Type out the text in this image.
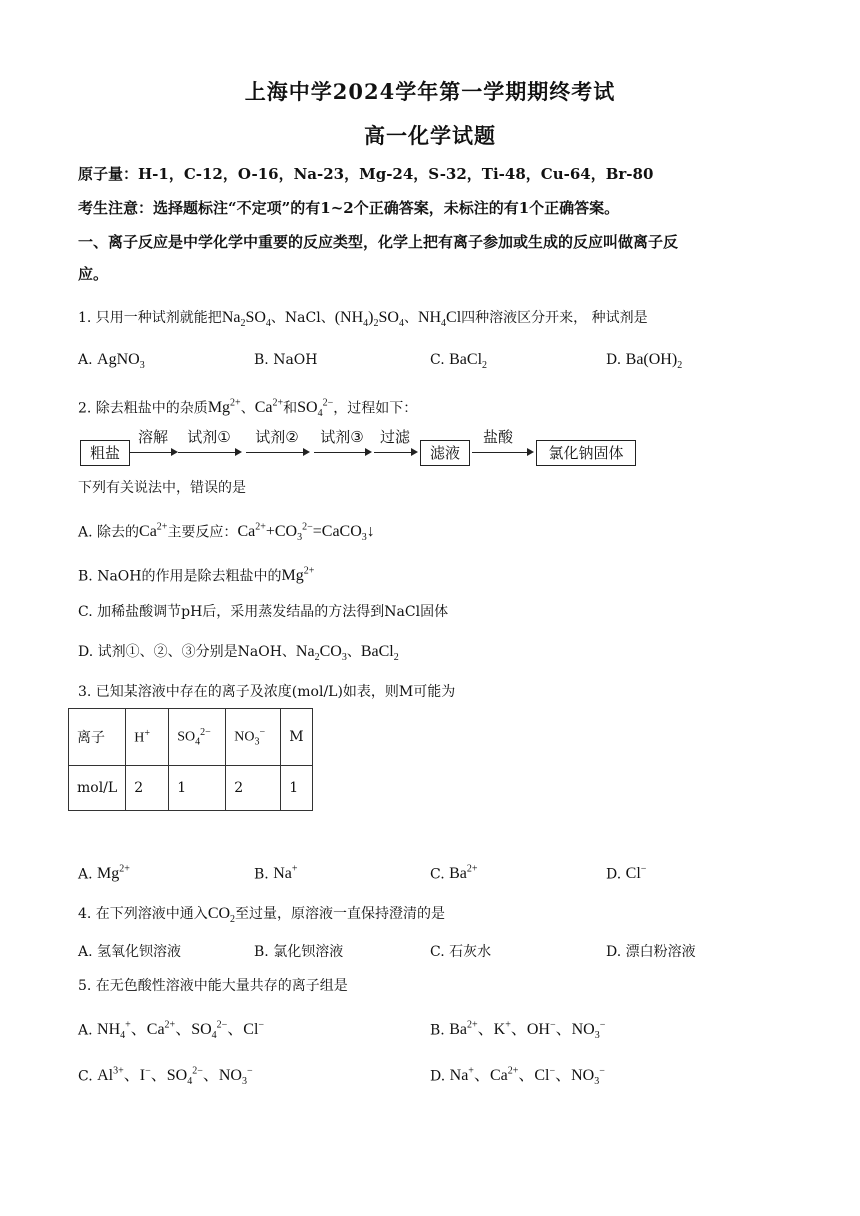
上海中学2024学年第一学期期终考试
高一化学试题
原子量：H-1，C-12，O-16，Na-23，Mg-24，S-32，Ti-48，Cu-64，Br-80
考生注意：选择题标注“不定项”的有1~2个正确答案，未标注的有1个正确答案。
一、离子反应是中学化学中重要的反应类型，化学上把有离子参加或生成的反应叫做离子反
应。
1. 只用一种试剂就能把$Na_2SO_4$、NaCl、$(NH_4)_2SO_4$、$NH_4Cl$四种溶液区分开来， 种试剂是
A. AgNO$_3$	B. NaOH	C. BaCl$_2$	D. $Ba(OH)_2$
2. 除去粗盐中的杂质$Mg^{2+}$、$Ca^{2+}$和$SO_4^{2-}$，过程如下：
粗盐
溶解	试剂①	试剂②	试剂③	过滤
滤液
盐酸
氯化钠固体
下列有关说法中，错误的是
A. 除去的$Ca^{2+}$主要反应：$Ca^{2+}+CO_3^{2-}=CaCO_3↓$
B. NaOH的作用是除去粗盐中的$Mg^{2+}$
C. 加稀盐酸调节pH后，采用蒸发结晶的方法得到NaCl固体
D. 试剂①、②、③分别是NaOH、$Na_2CO_3$、BaCl$_2$
3. 已知某溶液中存在的离子及浓度(mol/L)如表，则M可能为
离子	H+	$SO_4^{2-}$	$NO_3^-$	M
mol/L	2	1	2	1
A. $Mg^{2+}$	B. Na+	C. $Ba^{2+}$	D. Cl−
4. 在下列溶液中通入$CO_2$至过量，原溶液一直保持澄清的是
A. 氢氧化钡溶液	B. 氯化钡溶液	C. 石灰水	D. 漂白粉溶液
5. 在无色酸性溶液中能大量共存的离子组是
A. $NH_4^+$、$Ca^{2+}$、$SO_4^{2-}$、Cl−	B. $Ba^{2+}$、K+、OH−、$NO_3^-$
C. $Al^{3+}$、I−、$SO_4^{2-}$、$NO_3^-$	D. Na+、$Ca^{2+}$、Cl−、$NO_3^-$
